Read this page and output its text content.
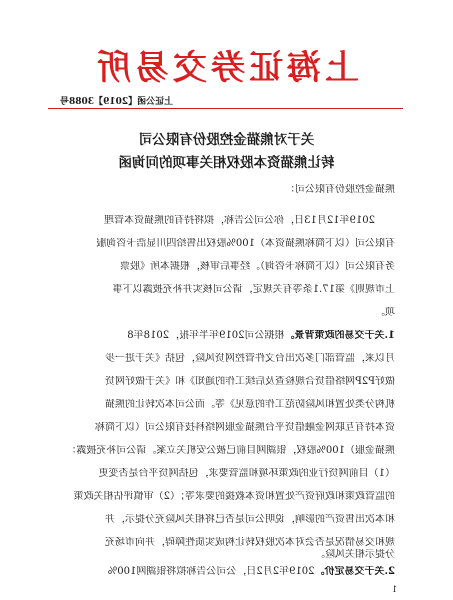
上海证券交易所
上证公函【2019】3088号
关于对熊猫金控股份有限公司
转让熊猫资本股权相关事项的问询函
熊猫金控股份有限公司：
2019年12月13日，你公司公告称，拟将持有的熊猫资本管理
有限公司（以下简称熊猫资本）100%股权出售给四川显浩卡咨询服
务有限公司（以下简称卡咨询）。经事后审核，根据本所《股票
上市规则》第17.1条等有关规定，请公司核实并补充披露以下事
项。
1.关于交易的政策背景。根据公司2019年半年报，2018年8
月以来，监管部门多次出台文件管控网贷风险，包括《关于进一步
做好P2P网络借贷合规检查及后续工作的通知》和《关于做好网贷
机构分类处置和风险防范工作的意见》等。而公司本次转让的熊猫
资本持有互联网金融借贷平台熊猫金服网络科技有限公司（以下简称
熊猫金服）100%股权，银湖网目前已被公安机关立案。请公司补充披露：
（1）目前网贷行业的政策环境和监管要求，包括网贷平台是否变更
的监管政策和政府资产处置和资本救援的要求等；（2）审慎评估相关政策
和本次出售资产的影响，说明公司是否已将相关风险充分提示，并
规和交易情况是否会对本次股权转让构成实质性障碍，并向市场充
分提示相关风险。
2.关于交易定价。2019年2月2日，公司公告称拟将银湖网100%
1
